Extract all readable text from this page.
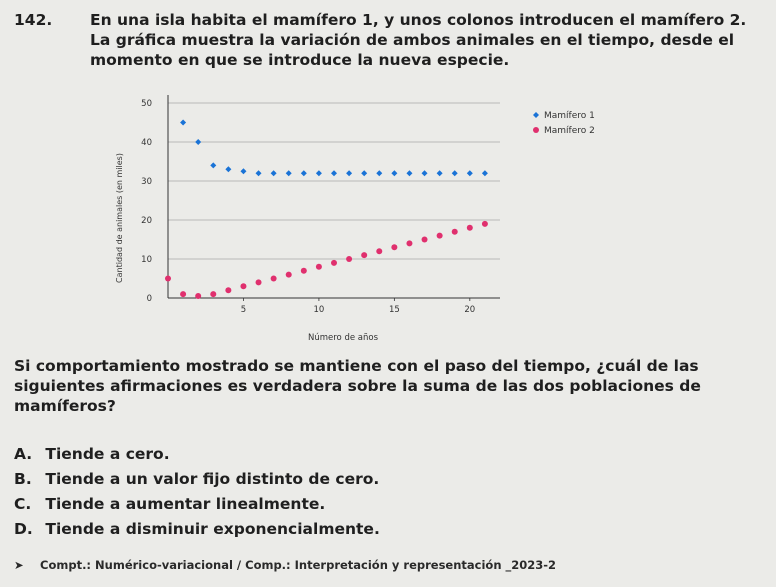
142. En una isla habita el mamífero 1, y unos colonos introducen el mamífero 2. La gráfica muestra la variación de ambos animales en el tiempo, desde el momento en que se introduce la nueva especie.
0
10
20
30
40
50
5	10	15	20
Mamífero 1
Mamífero 2
Número de años
Cantidad de animales (en miles)
Si comportamiento mostrado se mantiene con el paso del tiempo, ¿cuál de las siguientes afirmaciones es verdadera sobre la suma de las dos poblaciones de mamíferos?
A. Tiende a cero.
B. Tiende a un valor fijo distinto de cero.
C. Tiende a aumentar linealmente.
D. Tiende a disminuir exponencialmente.
➤ Compt.: Numérico-variacional / Comp.: Interpretación y representación _2023-2
